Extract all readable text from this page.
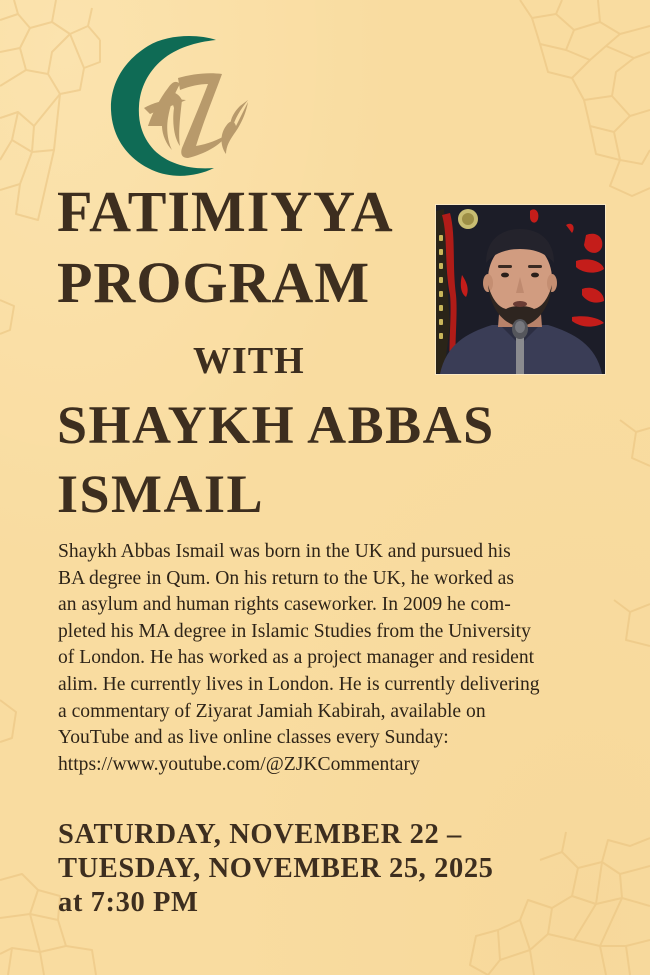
FATIMIYYA
PROGRAM
WITH
SHAYKH ABBAS
ISMAIL

Shaykh Abbas Ismail was born in the UK and pursued his
BA degree in Qum. On his return to the UK, he worked as
an asylum and human rights caseworker. In 2009 he com-
pleted his MA degree in Islamic Studies from the University
of London. He has worked as a project manager and resident
alim. He currently lives in London. He is currently delivering
a commentary of Ziyarat Jamiah Kabirah, available on
YouTube and as live online classes every Sunday:
https://www.youtube.com/@ZJKCommentary

SATURDAY, NOVEMBER 22 –
TUESDAY, NOVEMBER 25, 2025
at 7:30 PM
